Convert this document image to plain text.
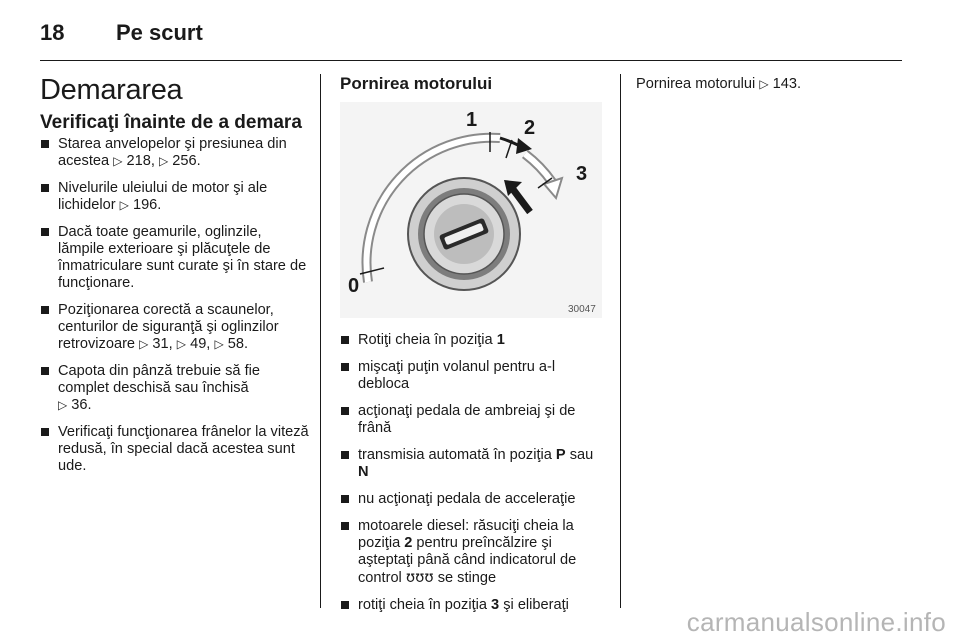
18	Pe scurt
Demararea
Verificaţi înainte de a demara
Starea anvelopelor şi presiunea din acestea ▷ 218, ▷ 256.
Nivelurile uleiului de motor şi ale lichidelor ▷ 196.
Dacă toate geamurile, oglinzile, lămpile exterioare şi plăcuţele de înmatriculare sunt curate şi în stare de funcţionare.
Poziţionarea corectă a scaunelor, centurilor de siguranţă şi oglinzilor retrovizoare ▷ 31, ▷ 49, ▷ 58.
Capota din pânză trebuie să fie complet deschisă sau închisă
▷ 36.
Verificaţi funcţionarea frânelor la viteză redusă, în special dacă acestea sunt ude.
Pornirea motorului
0
1 2
3
30047
Rotiţi cheia în poziţia 1
mişcaţi puţin volanul pentru a-l debloca
acţionaţi pedala de ambreiaj şi de frână
transmisia automată în poziţia P sau N
nu acţionaţi pedala de acceleraţie
motoarele diesel: răsuciţi cheia la poziţia 2 pentru preîncălzire şi aşteptaţi până când indicatorul de control ʊʊʊ se stinge
rotiţi cheia în poziţia 3 şi eliberaţi

Pornirea motorului ▷ 143.

carmanualsonline.info
